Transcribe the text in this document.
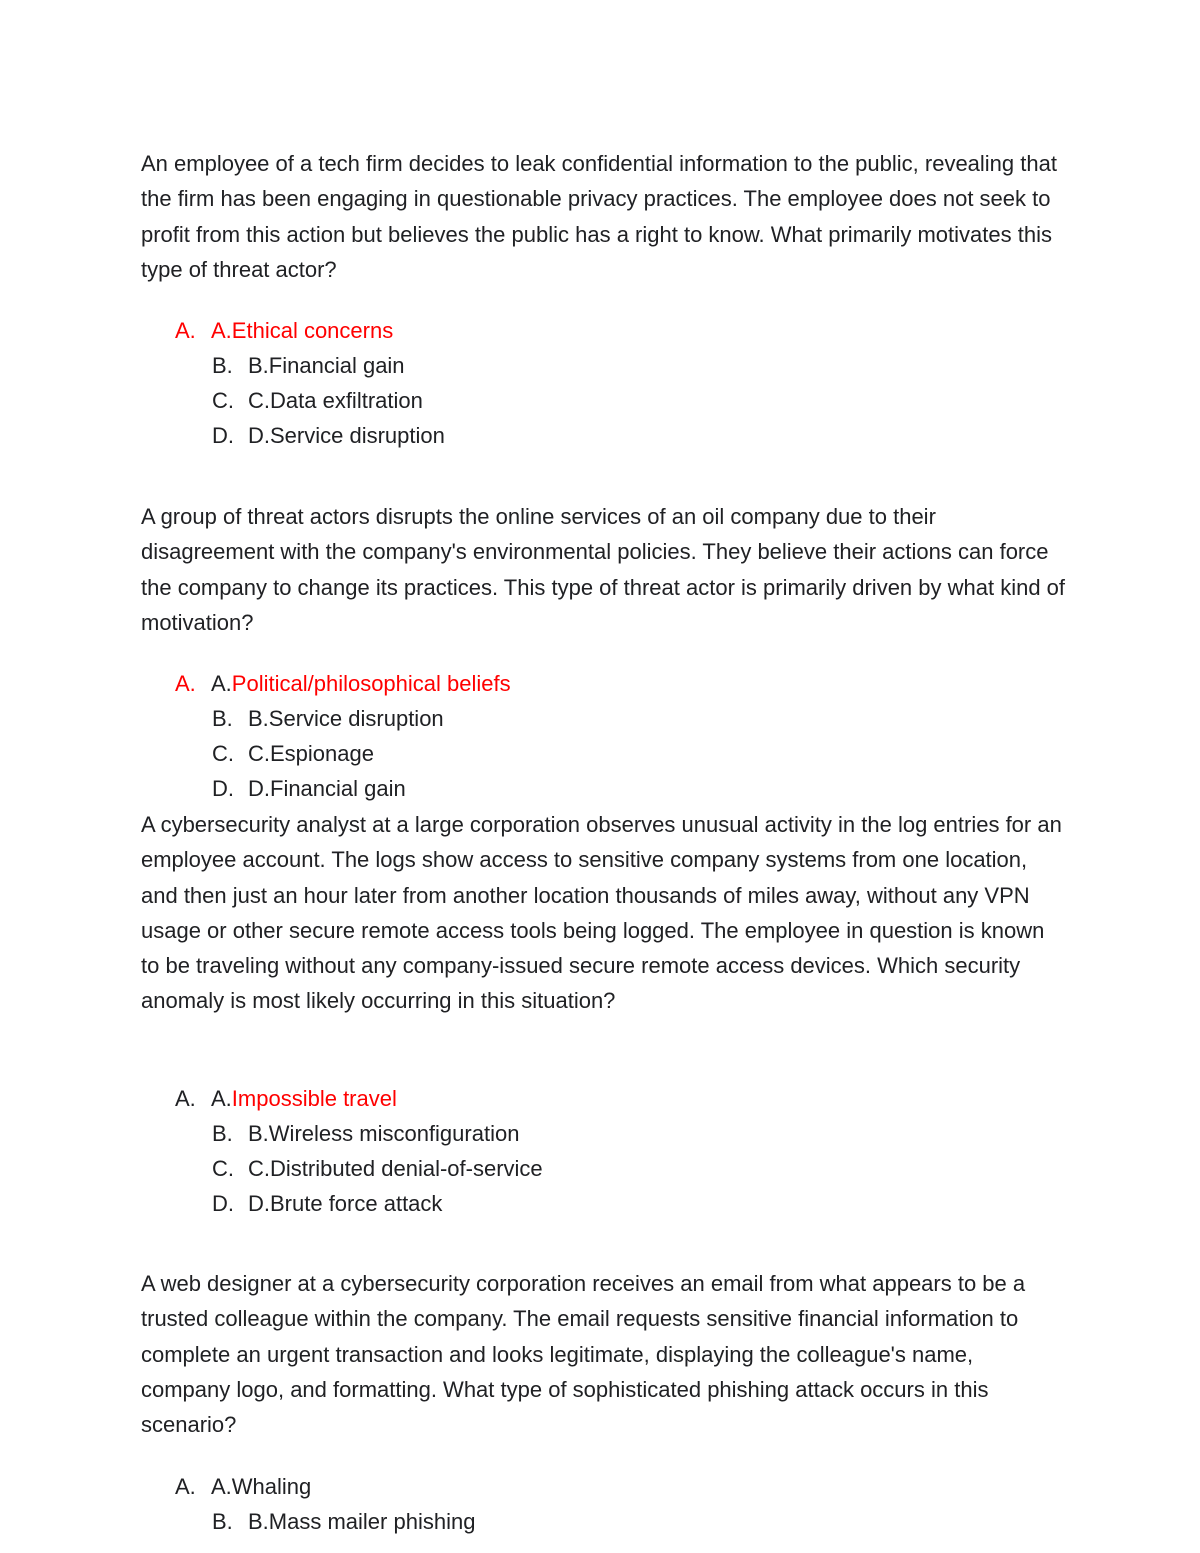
An employee of a tech firm decides to leak confidential information to the public, revealing that the firm has been engaging in questionable privacy practices. The employee does not seek to profit from this action but believes the public has a right to know. What primarily motivates this type of threat actor?

A. A.Ethical concerns
B. B.Financial gain
C. C.Data exfiltration
D. D.Service disruption

A group of threat actors disrupts the online services of an oil company due to their disagreement with the company's environmental policies. They believe their actions can force the company to change its practices. This type of threat actor is primarily driven by what kind of motivation?

A. A.Political/philosophical beliefs
B. B.Service disruption
C. C.Espionage
D. D.Financial gain

A cybersecurity analyst at a large corporation observes unusual activity in the log entries for an employee account. The logs show access to sensitive company systems from one location, and then just an hour later from another location thousands of miles away, without any VPN usage or other secure remote access tools being logged. The employee in question is known to be traveling without any company-issued secure remote access devices. Which security anomaly is most likely occurring in this situation?

A. A.Impossible travel
B. B.Wireless misconfiguration
C. C.Distributed denial-of-service
D. D.Brute force attack

A web designer at a cybersecurity corporation receives an email from what appears to be a trusted colleague within the company. The email requests sensitive financial information to complete an urgent transaction and looks legitimate, displaying the colleague's name, company logo, and formatting. What type of sophisticated phishing attack occurs in this scenario?

A. A.Whaling
B. B.Mass mailer phishing
